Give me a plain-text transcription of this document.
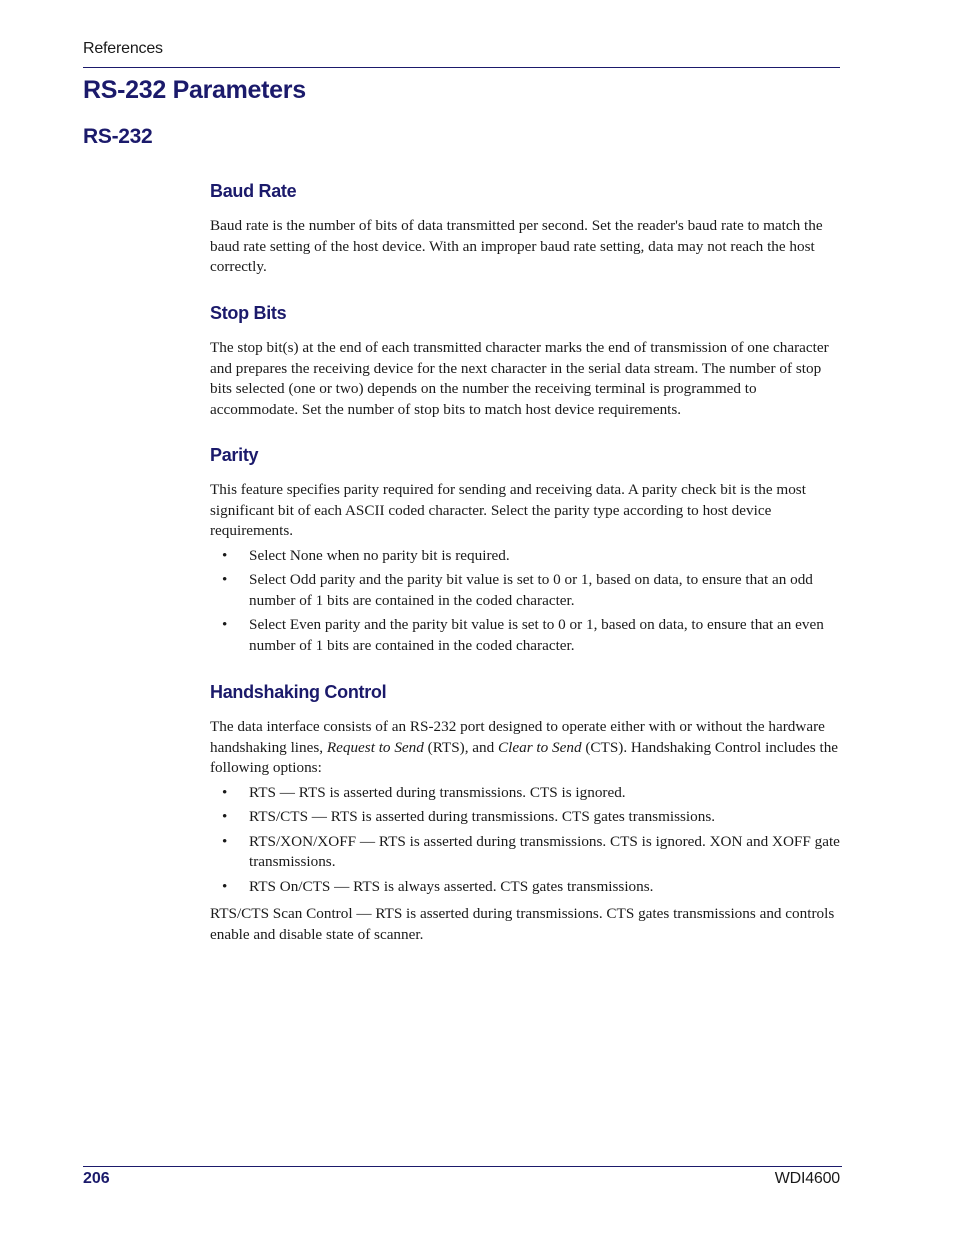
References
RS-232 Parameters
RS-232
Baud Rate

Baud rate is the number of bits of data transmitted per second. Set the reader's baud rate to match the baud rate setting of the host device. With an improper baud rate setting, data may not reach the host correctly.

Stop Bits

The stop bit(s) at the end of each transmitted character marks the end of transmission of one character and prepares the receiving device for the next character in the serial data stream. The number of stop bits selected (one or two) depends on the number the receiving terminal is programmed to accommodate. Set the number of stop bits to match host device requirements.

Parity

This feature specifies parity required for sending and receiving data. A parity check bit is the most significant bit of each ASCII coded character. Select the parity type according to host device requirements.

• Select None when no parity bit is required.
• Select Odd parity and the parity bit value is set to 0 or 1, based on data, to ensure that an odd number of 1 bits are contained in the coded character.
• Select Even parity and the parity bit value is set to 0 or 1, based on data, to ensure that an even number of 1 bits are contained in the coded character.
Handshaking Control

The data interface consists of an RS-232 port designed to operate either with or without the hardware handshaking lines, Request to Send (RTS), and Clear to Send (CTS). Handshaking Control includes the following options:

• RTS — RTS is asserted during transmissions. CTS is ignored.
• RTS/CTS — RTS is asserted during transmissions. CTS gates transmissions.
• RTS/XON/XOFF — RTS is asserted during transmissions. CTS is ignored. XON and XOFF gate transmissions.
• RTS On/CTS — RTS is always asserted. CTS gates transmissions.

RTS/CTS Scan Control — RTS is asserted during transmissions. CTS gates transmissions and controls enable and disable state of scanner.

206	WDI4600
